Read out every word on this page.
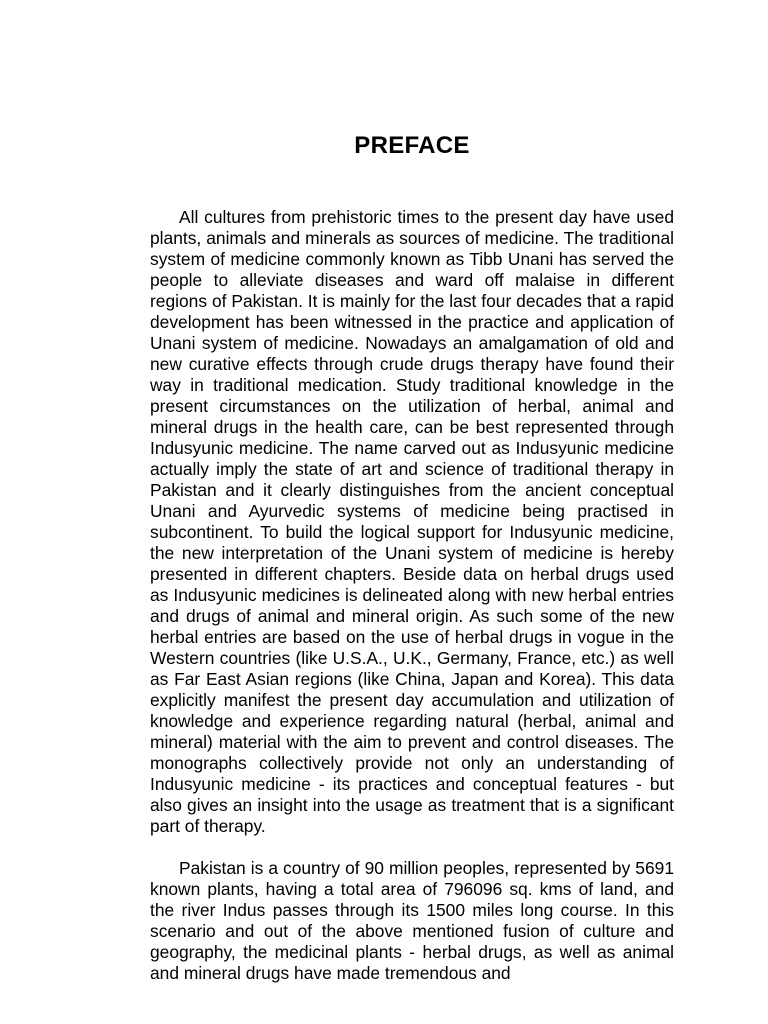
PREFACE

All cultures from prehistoric times to the present day have used plants, animals and minerals as sources of medicine. The traditional system of medicine commonly known as Tibb Unani has served the people to alleviate diseases and ward off malaise in different regions of Pakistan. It is mainly for the last four decades that a rapid development has been witnessed in the practice and application of Unani system of medicine. Nowadays an amalgamation of old and new curative effects through crude drugs therapy have found their way in traditional medication. Study traditional knowledge in the present circumstances on the utilization of herbal, animal and mineral drugs in the health care, can be best represented through Indusyunic medicine. The name carved out as Indusyunic medicine actually imply the state of art and science of traditional therapy in Pakistan and it clearly distinguishes from the ancient conceptual Unani and Ayurvedic systems of medicine being practised in subcontinent. To build the logical support for Indusyunic medicine, the new interpretation of the Unani system of medicine is hereby presented in different chapters. Beside data on herbal drugs used as Indusyunic medicines is delineated along with new herbal entries and drugs of animal and mineral origin. As such some of the new herbal entries are based on the use of herbal drugs in vogue in the Western countries (like U.S.A., U.K., Germany, France, etc.) as well as Far East Asian regions (like China, Japan and Korea). This data explicitly manifest the present day accumulation and utilization of knowledge and experience regarding natural (herbal, animal and mineral) material with the aim to prevent and control diseases. The monographs collectively provide not only an understanding of Indusyunic medicine - its practices and conceptual features - but also gives an insight into the usage as treatment that is a significant part of therapy.

Pakistan is a country of 90 million peoples, represented by 5691 known plants, having a total area of 796096 sq. kms of land, and the river Indus passes through its 1500 miles long course. In this scenario and out of the above mentioned fusion of culture and geography, the medicinal plants - herbal drugs, as well as animal and mineral drugs have made tremendous and
